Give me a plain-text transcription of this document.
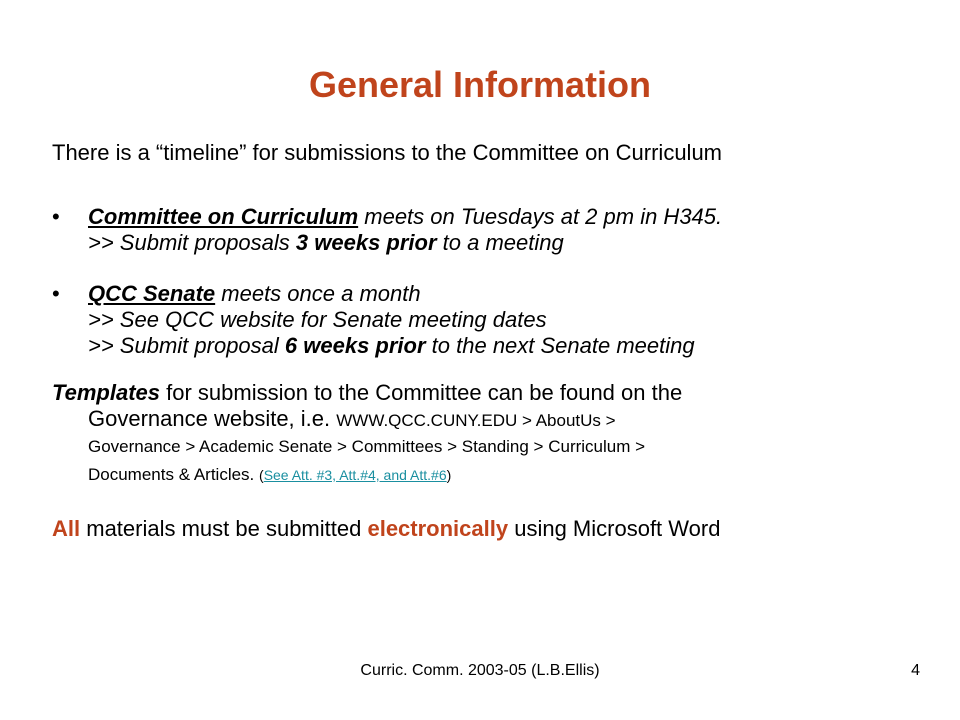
General Information
There is a “timeline” for submissions to the Committee on Curriculum
• Committee on Curriculum meets on Tuesdays at 2 pm in H345.
>> Submit proposals 3 weeks prior to a meeting
• QCC Senate meets once a month
>> See QCC website for Senate meeting dates
>> Submit proposal 6 weeks prior to the next Senate meeting
Templates for submission to the Committee can be found on the
Governance website, i.e. WWW.QCC.CUNY.EDU > AboutUs >
Governance > Academic Senate > Committees > Standing > Curriculum >
Documents & Articles. (See Att. #3, Att.#4, and Att.#6)
All materials must be submitted electronically using Microsoft Word
Curric. Comm. 2003-05 (L.B.Ellis)	4
